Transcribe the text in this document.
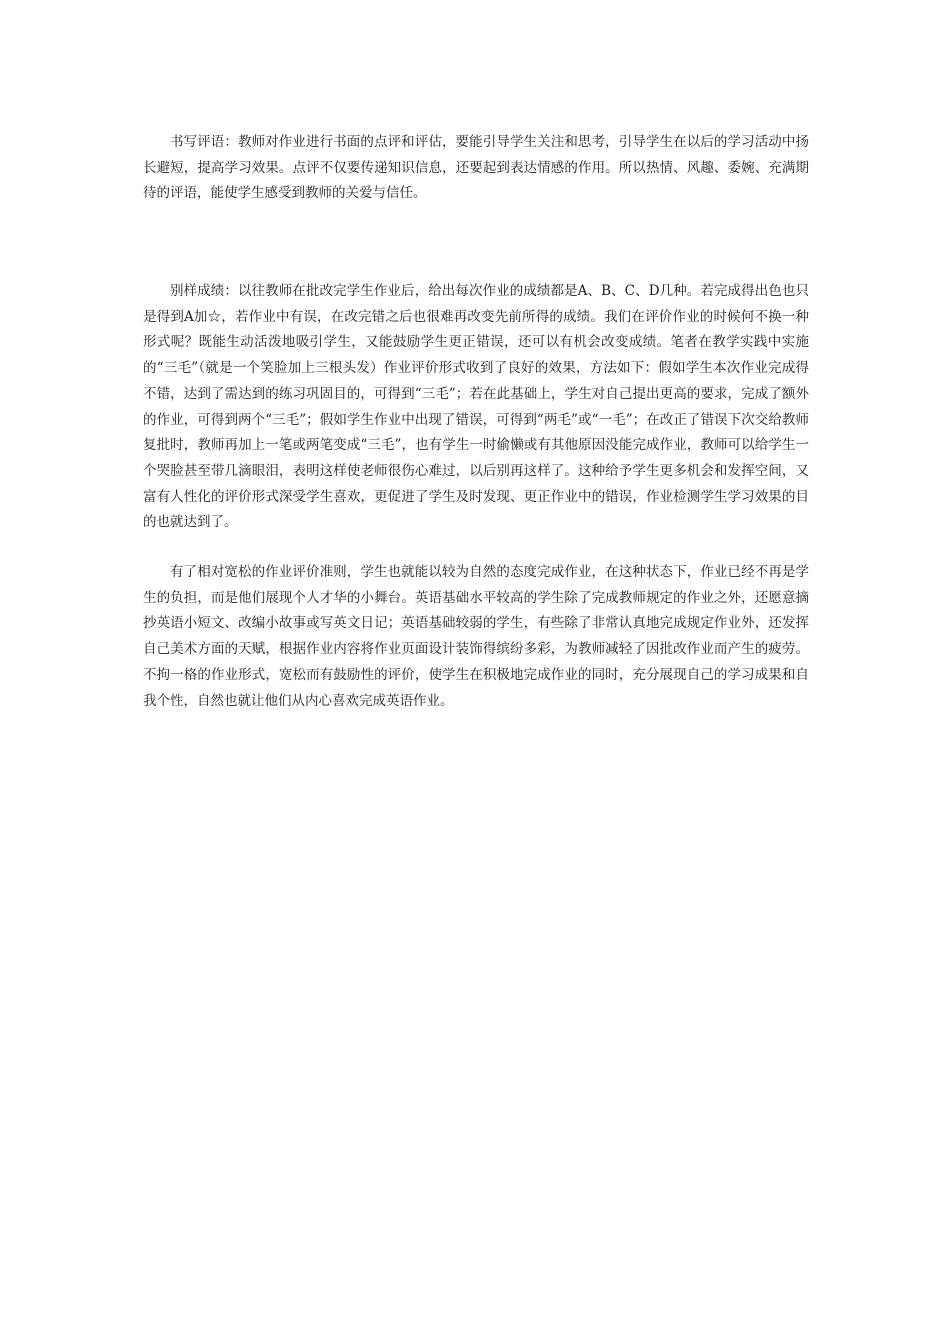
书写评语：教师对作业进行书面的点评和评估，要能引导学生关注和思考，引导学生在以后的学习活动中扬长避短，提高学习效果。点评不仅要传递知识信息，还要起到表达情感的作用。所以热情、风趣、委婉、充满期待的评语，能使学生感受到教师的关爱与信任。

别样成绩：以往教师在批改完学生作业后，给出每次作业的成绩都是A、B、C、D几种。若完成得出色也只是得到A加☆，若作业中有误，在改完错之后也很难再改变先前所得的成绩。我们在评价作业的时候何不换一种形式呢？既能生动活泼地吸引学生，又能鼓励学生更正错误，还可以有机会改变成绩。笔者在教学实践中实施的“三毛”（就是一个笑脸加上三根头发）作业评价形式收到了良好的效果，方法如下：假如学生本次作业完成得不错，达到了需达到的练习巩固目的，可得到“三毛”；若在此基础上，学生对自己提出更高的要求，完成了额外的作业，可得到两个“三毛”；假如学生作业中出现了错误，可得到“两毛”或“一毛”；在改正了错误下次交给教师复批时，教师再加上一笔或两笔变成“三毛”，也有学生一时偷懒或有其他原因没能完成作业，教师可以给学生一个哭脸甚至带几滴眼泪，表明这样使老师很伤心难过，以后别再这样了。这种给予学生更多机会和发挥空间，又富有人性化的评价形式深受学生喜欢，更促进了学生及时发现、更正作业中的错误，作业检测学生学习效果的目的也就达到了。

有了相对宽松的作业评价准则，学生也就能以较为自然的态度完成作业，在这种状态下，作业已经不再是学生的负担，而是他们展现个人才华的小舞台。英语基础水平较高的学生除了完成教师规定的作业之外，还愿意摘抄英语小短文、改编小故事或写英文日记；英语基础较弱的学生，有些除了非常认真地完成规定作业外，还发挥自己美术方面的天赋，根据作业内容将作业页面设计装饰得缤纷多彩，为教师减轻了因批改作业而产生的疲劳。不拘一格的作业形式，宽松而有鼓励性的评价，使学生在积极地完成作业的同时，充分展现自己的学习成果和自我个性，自然也就让他们从内心喜欢完成英语作业。
